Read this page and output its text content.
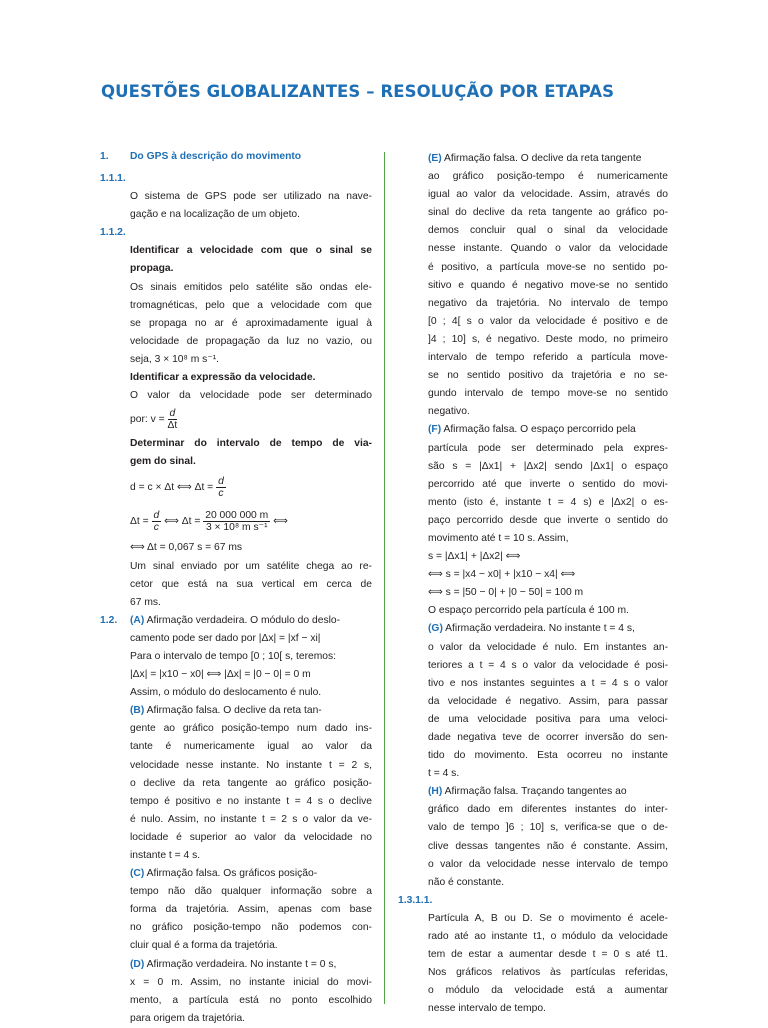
QUESTÕES GLOBALIZANTES – RESOLUÇÃO POR ETAPAS
1. Do GPS à descrição do movimento
1.1.1.
O sistema de GPS pode ser utilizado na nave-
gação e na localização de um objeto.
1.1.2.
Identificar a velocidade com que o sinal se
propaga.
Os sinais emitidos pelo satélite são ondas ele-
tromagnéticas, pelo que a velocidade com que
se propaga no ar é aproximadamente igual à
velocidade de propagação da luz no vazio, ou
seja, 3 × 10⁸ m s⁻¹.
Identificar a expressão da velocidade.
O valor da velocidade pode ser determinado
por: $v = \frac{d}{\Delta t}$
Determinar do intervalo de tempo de via-
gem do sinal.
d = c × Δt ⟺ $\Delta t = \frac{d}{c}$
$\Delta t = \frac{d}{c}$ ⟺ $\Delta t = \frac{20 000 000 m}{\text{3 × 10⁸ m s⁻¹}}$ ⟺
⟺ Δt = 0,067 s = 67 ms
Um sinal enviado por um satélite chega ao re-
cetor que está na sua vertical em cerca de
67 ms.
1.2. (A) Afirmação verdadeira. O módulo do deslo-
camento pode ser dado por |Δx| = |xf − xi|
Para o intervalo de tempo [0 ; 10[ s, teremos:
|Δx| = |x10 − x0| ⟺ |Δx| = |0 − 0| = 0 m
Assim, o módulo do deslocamento é nulo.
(B) Afirmação falsa. O declive da reta tan-
gente ao gráfico posição-tempo num dado ins-
tante é numericamente igual ao valor da
velocidade nesse instante. No instante t = 2 s,
o declive da reta tangente ao gráfico posição-
tempo é positivo e no instante t = 4 s o declive
é nulo. Assim, no instante t = 2 s o valor da ve-
locidade é superior ao valor da velocidade no
instante t = 4 s.
(C) Afirmação falsa. Os gráficos posição-
tempo não dão qualquer informação sobre a
forma da trajetória. Assim, apenas com base
no gráfico posição-tempo não podemos con-
cluir qual é a forma da trajetória.
(D) Afirmação verdadeira. No instante t = 0 s,
x = 0 m. Assim, no instante inicial do movi-
mento, a partícula está no ponto escolhido
para origem da trajetória.
(E) Afirmação falsa. O declive da reta tangente
ao gráfico posição-tempo é numericamente
igual ao valor da velocidade. Assim, através do
sinal do declive da reta tangente ao gráfico po-
demos concluir qual o sinal da velocidade
nesse instante. Quando o valor da velocidade
é positivo, a partícula move-se no sentido po-
sitivo e quando é negativo move-se no sentido
negativo da trajetória. No intervalo de tempo
[0 ; 4[ s o valor da velocidade é positivo e de
]4 ; 10] s, é negativo. Deste modo, no primeiro
intervalo de tempo referido a partícula move-
se no sentido positivo da trajetória e no se-
gundo intervalo de tempo move-se no sentido
negativo.
(F) Afirmação falsa. O espaço percorrido pela
partícula pode ser determinado pela expres-
são s = |Δx1| + |Δx2| sendo |Δx1| o espaço
percorrido até que inverte o sentido do movi-
mento (isto é, instante t = 4 s) e |Δx2| o es-
paço percorrido desde que inverte o sentido do
movimento até t = 10 s. Assim,
s = |Δx1| + |Δx2| ⟺
⟺ s = |x4 − x0| + |x10 − x4| ⟺
⟺ s = |50 − 0| + |0 − 50| = 100 m
O espaço percorrido pela partícula é 100 m.
(G) Afirmação verdadeira. No instante t = 4 s,
o valor da velocidade é nulo. Em instantes an-
teriores a t = 4 s o valor da velocidade é posi-
tivo e nos instantes seguintes a t = 4 s o valor
da velocidade é negativo. Assim, para passar
de uma velocidade positiva para uma veloci-
dade negativa teve de ocorrer inversão do sen-
tido do movimento. Esta ocorreu no instante
t = 4 s.
(H) Afirmação falsa. Traçando tangentes ao
gráfico dado em diferentes instantes do inter-
valo de tempo ]6 ; 10] s, verifica-se que o de-
clive dessas tangentes não é constante. Assim,
o valor da velocidade nesse intervalo de tempo
não é constante.
1.3.1.1.
Partícula A, B ou D. Se o movimento é acele-
rado até ao instante t1, o módulo da velocidade
tem de estar a aumentar desde t = 0 s até t1.
Nos gráficos relativos às partículas referidas,
o módulo da velocidade está a aumentar
nesse intervalo de tempo.
